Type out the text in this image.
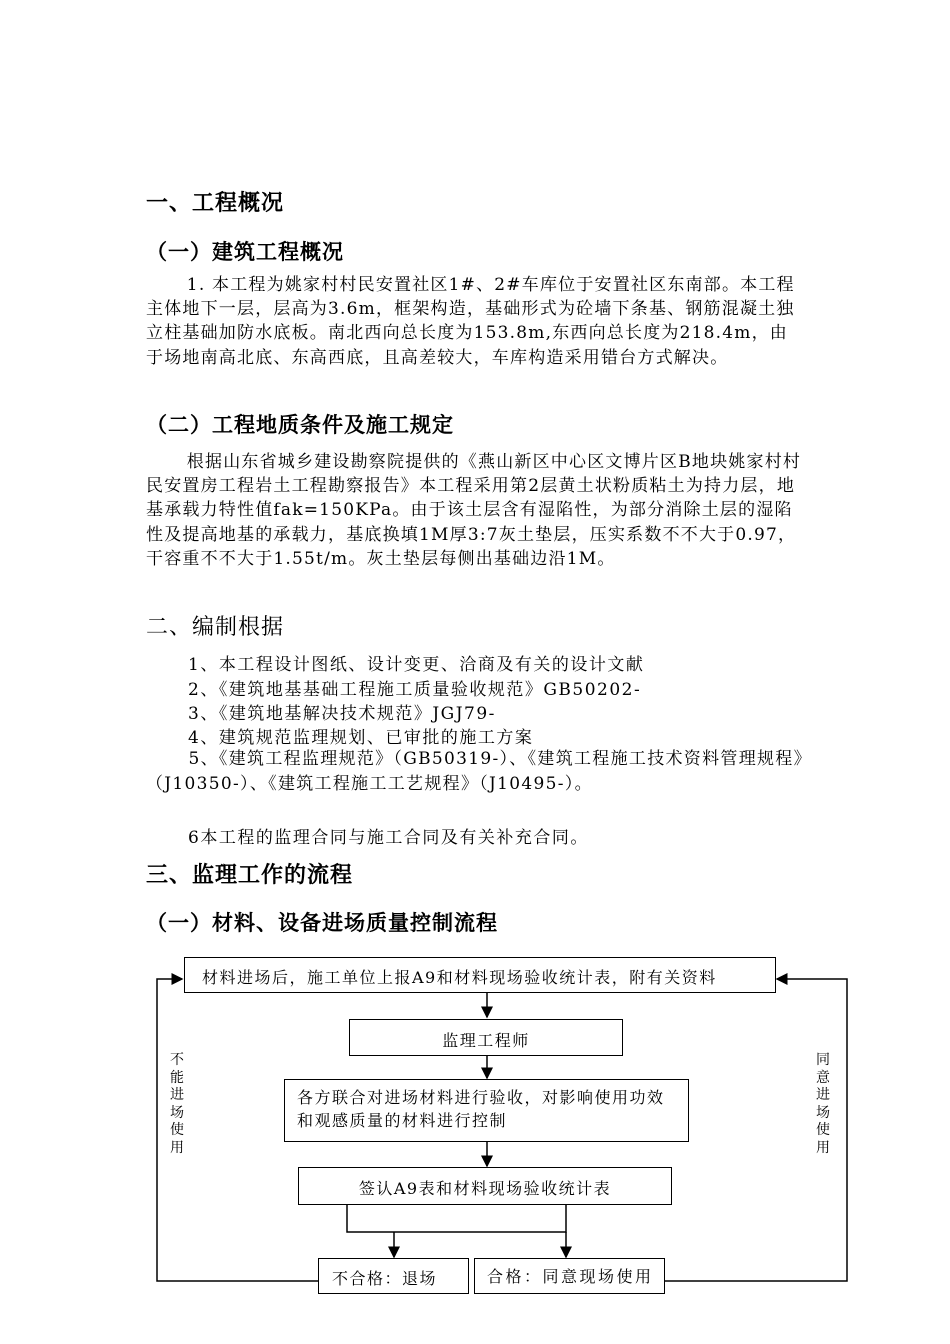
一、工程概况
（一）建筑工程概况

1. 本工程为姚家村村民安置社区1#、2#车库位于安置社区东南部。本工程主体地下一层，层高为3.6m，框架构造，基础形式为砼墙下条基、钢筋混凝土独立柱基础加防水底板。南北西向总长度为153.8m,东西向总长度为218.4m，由于场地南高北底、东高西底，且高差较大，车库构造采用错台方式解决。

（二）工程地质条件及施工规定

根据山东省城乡建设勘察院提供的《燕山新区中心区文博片区B地块姚家村村民安置房工程岩土工程勘察报告》本工程采用第2层黄土状粉质粘土为持力层，地基承载力特性值fak=150KPa。由于该土层含有湿陷性，为部分消除土层的湿陷性及提高地基的承载力，基底换填1M厚3:7灰土垫层，压实系数不不大于0.97，干容重不不大于1.55t/m。灰土垫层每侧出基础边沿1M。

二、编制根据

1、本工程设计图纸、设计变更、洽商及有关的设计文献

2、《建筑地基基础工程施工质量验收规范》GB50202-

3、《建筑地基解决技术规范》JGJ79-

4、建筑规范监理规划、已审批的施工方案

5、《建筑工程监理规范》（GB50319-）、《建筑工程施工技术资料管理规程》（J10350-）、《建筑工程施工工艺规程》（J10495-）。

6本工程的监理合同与施工合同及有关补充合同。

三、监理工作的流程
（一）材料、设备进场质量控制流程
材料进场后，施工单位上报A9和材料现场验收统计表，附有关资料
监理工程师
各方联合对进场材料进行验收，对影响使用功效和观感质量的材料进行控制
签认A9表和材料现场验收统计表
不合格：退场	合格：同意现场使用
不能进场使用
同意进场使用
